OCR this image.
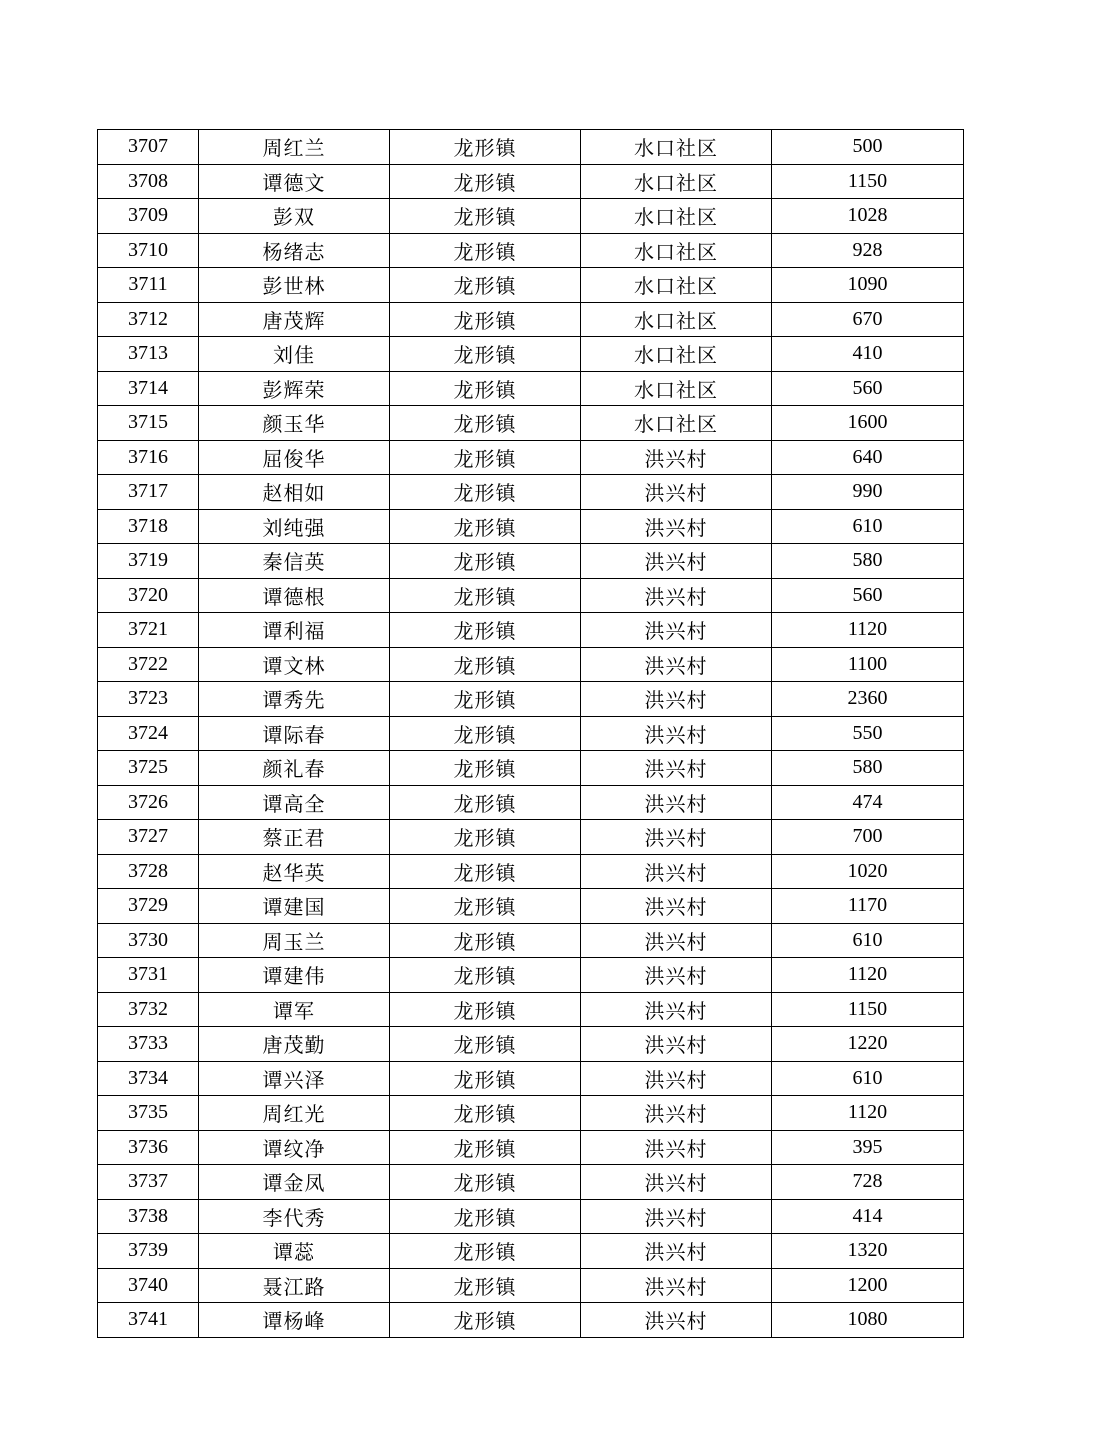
3707	周红兰	龙形镇	水口社区	500
3708	谭德文	龙形镇	水口社区	1150
3709	彭双	龙形镇	水口社区	1028
3710	杨绪志	龙形镇	水口社区	928
3711	彭世林	龙形镇	水口社区	1090
3712	唐茂辉	龙形镇	水口社区	670
3713	刘佳	龙形镇	水口社区	410
3714	彭辉荣	龙形镇	水口社区	560
3715	颜玉华	龙形镇	水口社区	1600
3716	屈俊华	龙形镇	洪兴村	640
3717	赵相如	龙形镇	洪兴村	990
3718	刘纯强	龙形镇	洪兴村	610
3719	秦信英	龙形镇	洪兴村	580
3720	谭德根	龙形镇	洪兴村	560
3721	谭利福	龙形镇	洪兴村	1120
3722	谭文林	龙形镇	洪兴村	1100
3723	谭秀先	龙形镇	洪兴村	2360
3724	谭际春	龙形镇	洪兴村	550
3725	颜礼春	龙形镇	洪兴村	580
3726	谭高全	龙形镇	洪兴村	474
3727	蔡正君	龙形镇	洪兴村	700
3728	赵华英	龙形镇	洪兴村	1020
3729	谭建国	龙形镇	洪兴村	1170
3730	周玉兰	龙形镇	洪兴村	610
3731	谭建伟	龙形镇	洪兴村	1120
3732	谭军	龙形镇	洪兴村	1150
3733	唐茂勤	龙形镇	洪兴村	1220
3734	谭兴泽	龙形镇	洪兴村	610
3735	周红光	龙形镇	洪兴村	1120
3736	谭纹净	龙形镇	洪兴村	395
3737	谭金凤	龙形镇	洪兴村	728
3738	李代秀	龙形镇	洪兴村	414
3739	谭蕊	龙形镇	洪兴村	1320
3740	聂江路	龙形镇	洪兴村	1200
3741	谭杨峰	龙形镇	洪兴村	1080
